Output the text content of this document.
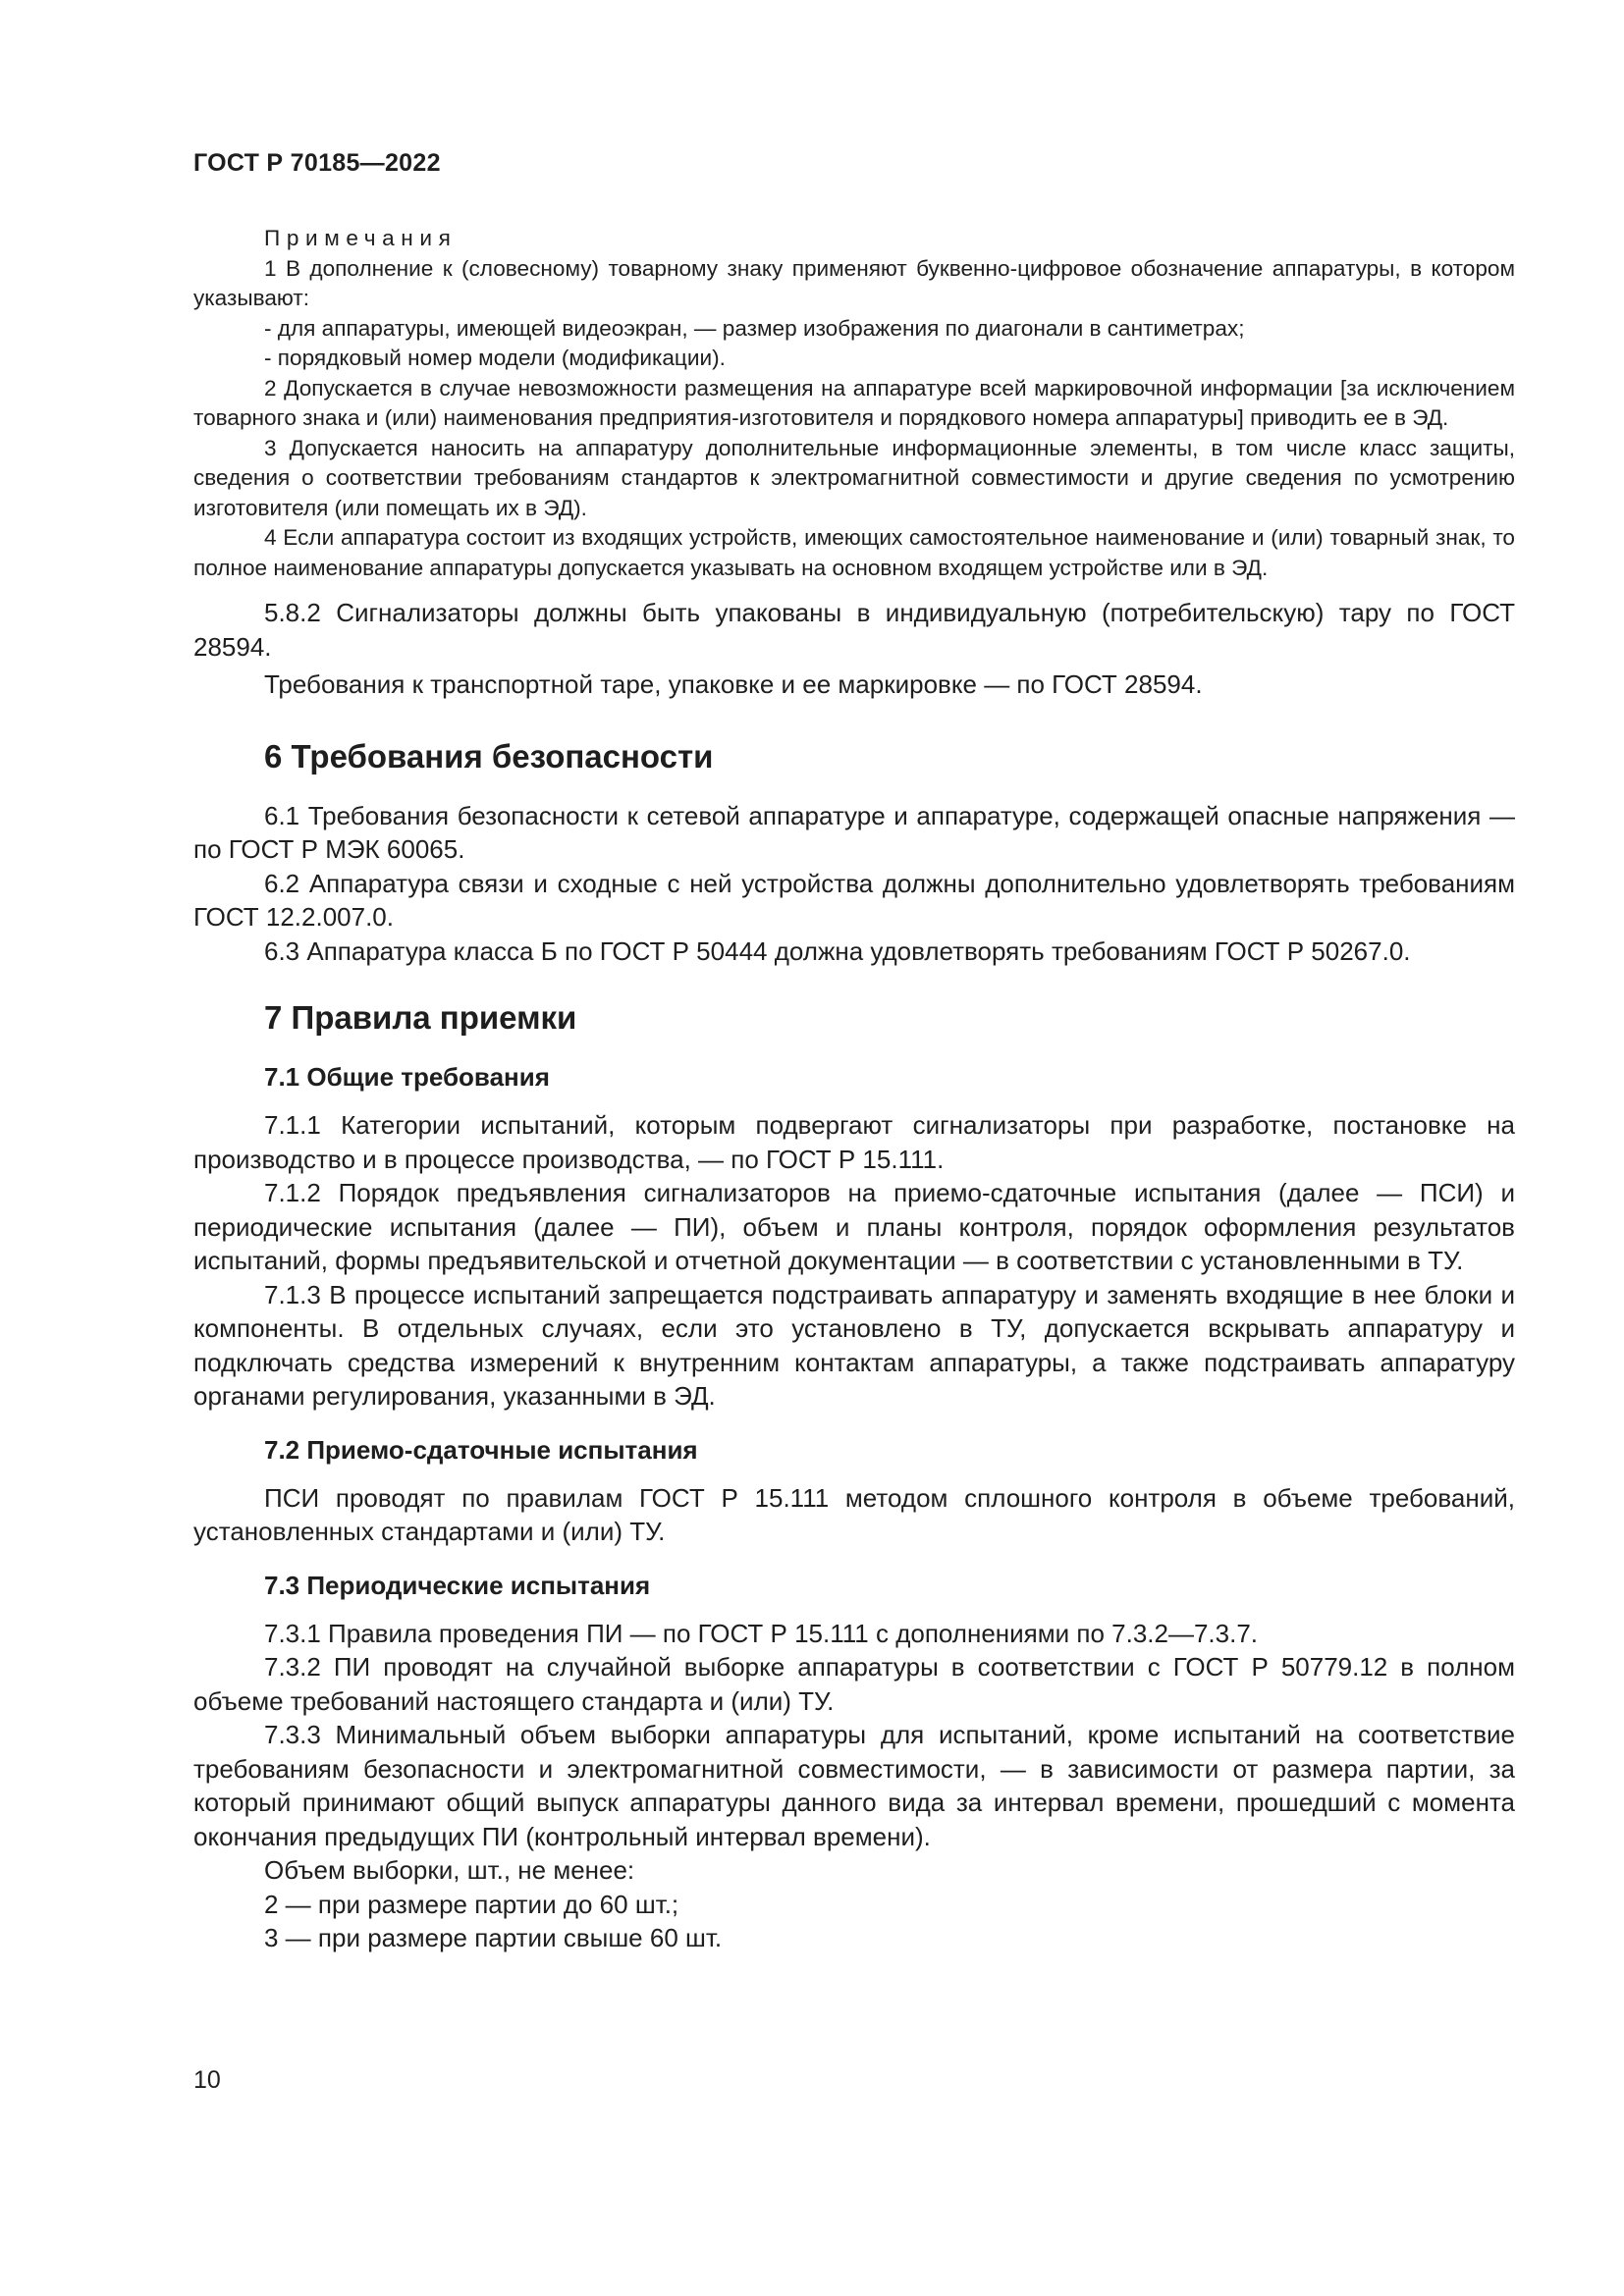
ГОСТ Р 70185—2022

Примечания

1 В дополнение к (словесному) товарному знаку применяют буквенно-цифровое обозначение аппаратуры, в котором указывают:

- для аппаратуры, имеющей видеоэкран, — размер изображения по диагонали в сантиметрах;

- порядковый номер модели (модификации).

2 Допускается в случае невозможности размещения на аппаратуре всей маркировочной информации [за исключением товарного знака и (или) наименования предприятия-изготовителя и порядкового номера аппаратуры] приводить ее в ЭД.

3 Допускается наносить на аппаратуру дополнительные информационные элементы, в том числе класс защиты, сведения о соответствии требованиям стандартов к электромагнитной совместимости и другие сведения по усмотрению изготовителя (или помещать их в ЭД).

4 Если аппаратура состоит из входящих устройств, имеющих самостоятельное наименование и (или) товарный знак, то полное наименование аппаратуры допускается указывать на основном входящем устройстве или в ЭД.

5.8.2 Сигнализаторы должны быть упакованы в индивидуальную (потребительскую) тару по ГОСТ 28594.

Требования к транспортной таре, упаковке и ее маркировке — по ГОСТ 28594.

6 Требования безопасности

6.1 Требования безопасности к сетевой аппаратуре и аппаратуре, содержащей опасные напряжения — по ГОСТ Р МЭК 60065.

6.2 Аппаратура связи и сходные с ней устройства должны дополнительно удовлетворять требованиям ГОСТ 12.2.007.0.

6.3 Аппаратура класса Б по ГОСТ Р 50444 должна удовлетворять требованиям ГОСТ Р 50267.0.

7 Правила приемки
7.1 Общие требования

7.1.1 Категории испытаний, которым подвергают сигнализаторы при разработке, постановке на производство и в процессе производства, — по ГОСТ Р 15.111.

7.1.2 Порядок предъявления сигнализаторов на приемо-сдаточные испытания (далее — ПСИ) и периодические испытания (далее — ПИ), объем и планы контроля, порядок оформления результатов испытаний, формы предъявительской и отчетной документации — в соответствии с установленными в ТУ.

7.1.3 В процессе испытаний запрещается подстраивать аппаратуру и заменять входящие в нее блоки и компоненты. В отдельных случаях, если это установлено в ТУ, допускается вскрывать аппаратуру и подключать средства измерений к внутренним контактам аппаратуры, а также подстраивать аппаратуру органами регулирования, указанными в ЭД.

7.2 Приемо-сдаточные испытания

ПСИ проводят по правилам ГОСТ Р 15.111 методом сплошного контроля в объеме требований, установленных стандартами и (или) ТУ.

7.3 Периодические испытания

7.3.1 Правила проведения ПИ — по ГОСТ Р 15.111 с дополнениями по 7.3.2—7.3.7.

7.3.2 ПИ проводят на случайной выборке аппаратуры в соответствии с ГОСТ Р 50779.12 в полном объеме требований настоящего стандарта и (или) ТУ.

7.3.3 Минимальный объем выборки аппаратуры для испытаний, кроме испытаний на соответствие требованиям безопасности и электромагнитной совместимости, — в зависимости от размера партии, за который принимают общий выпуск аппаратуры данного вида за интервал времени, прошедший с момента окончания предыдущих ПИ (контрольный интервал времени).

Объем выборки, шт., не менее:

2 — при размере партии до 60 шт.;

3 — при размере партии свыше 60 шт.

10
